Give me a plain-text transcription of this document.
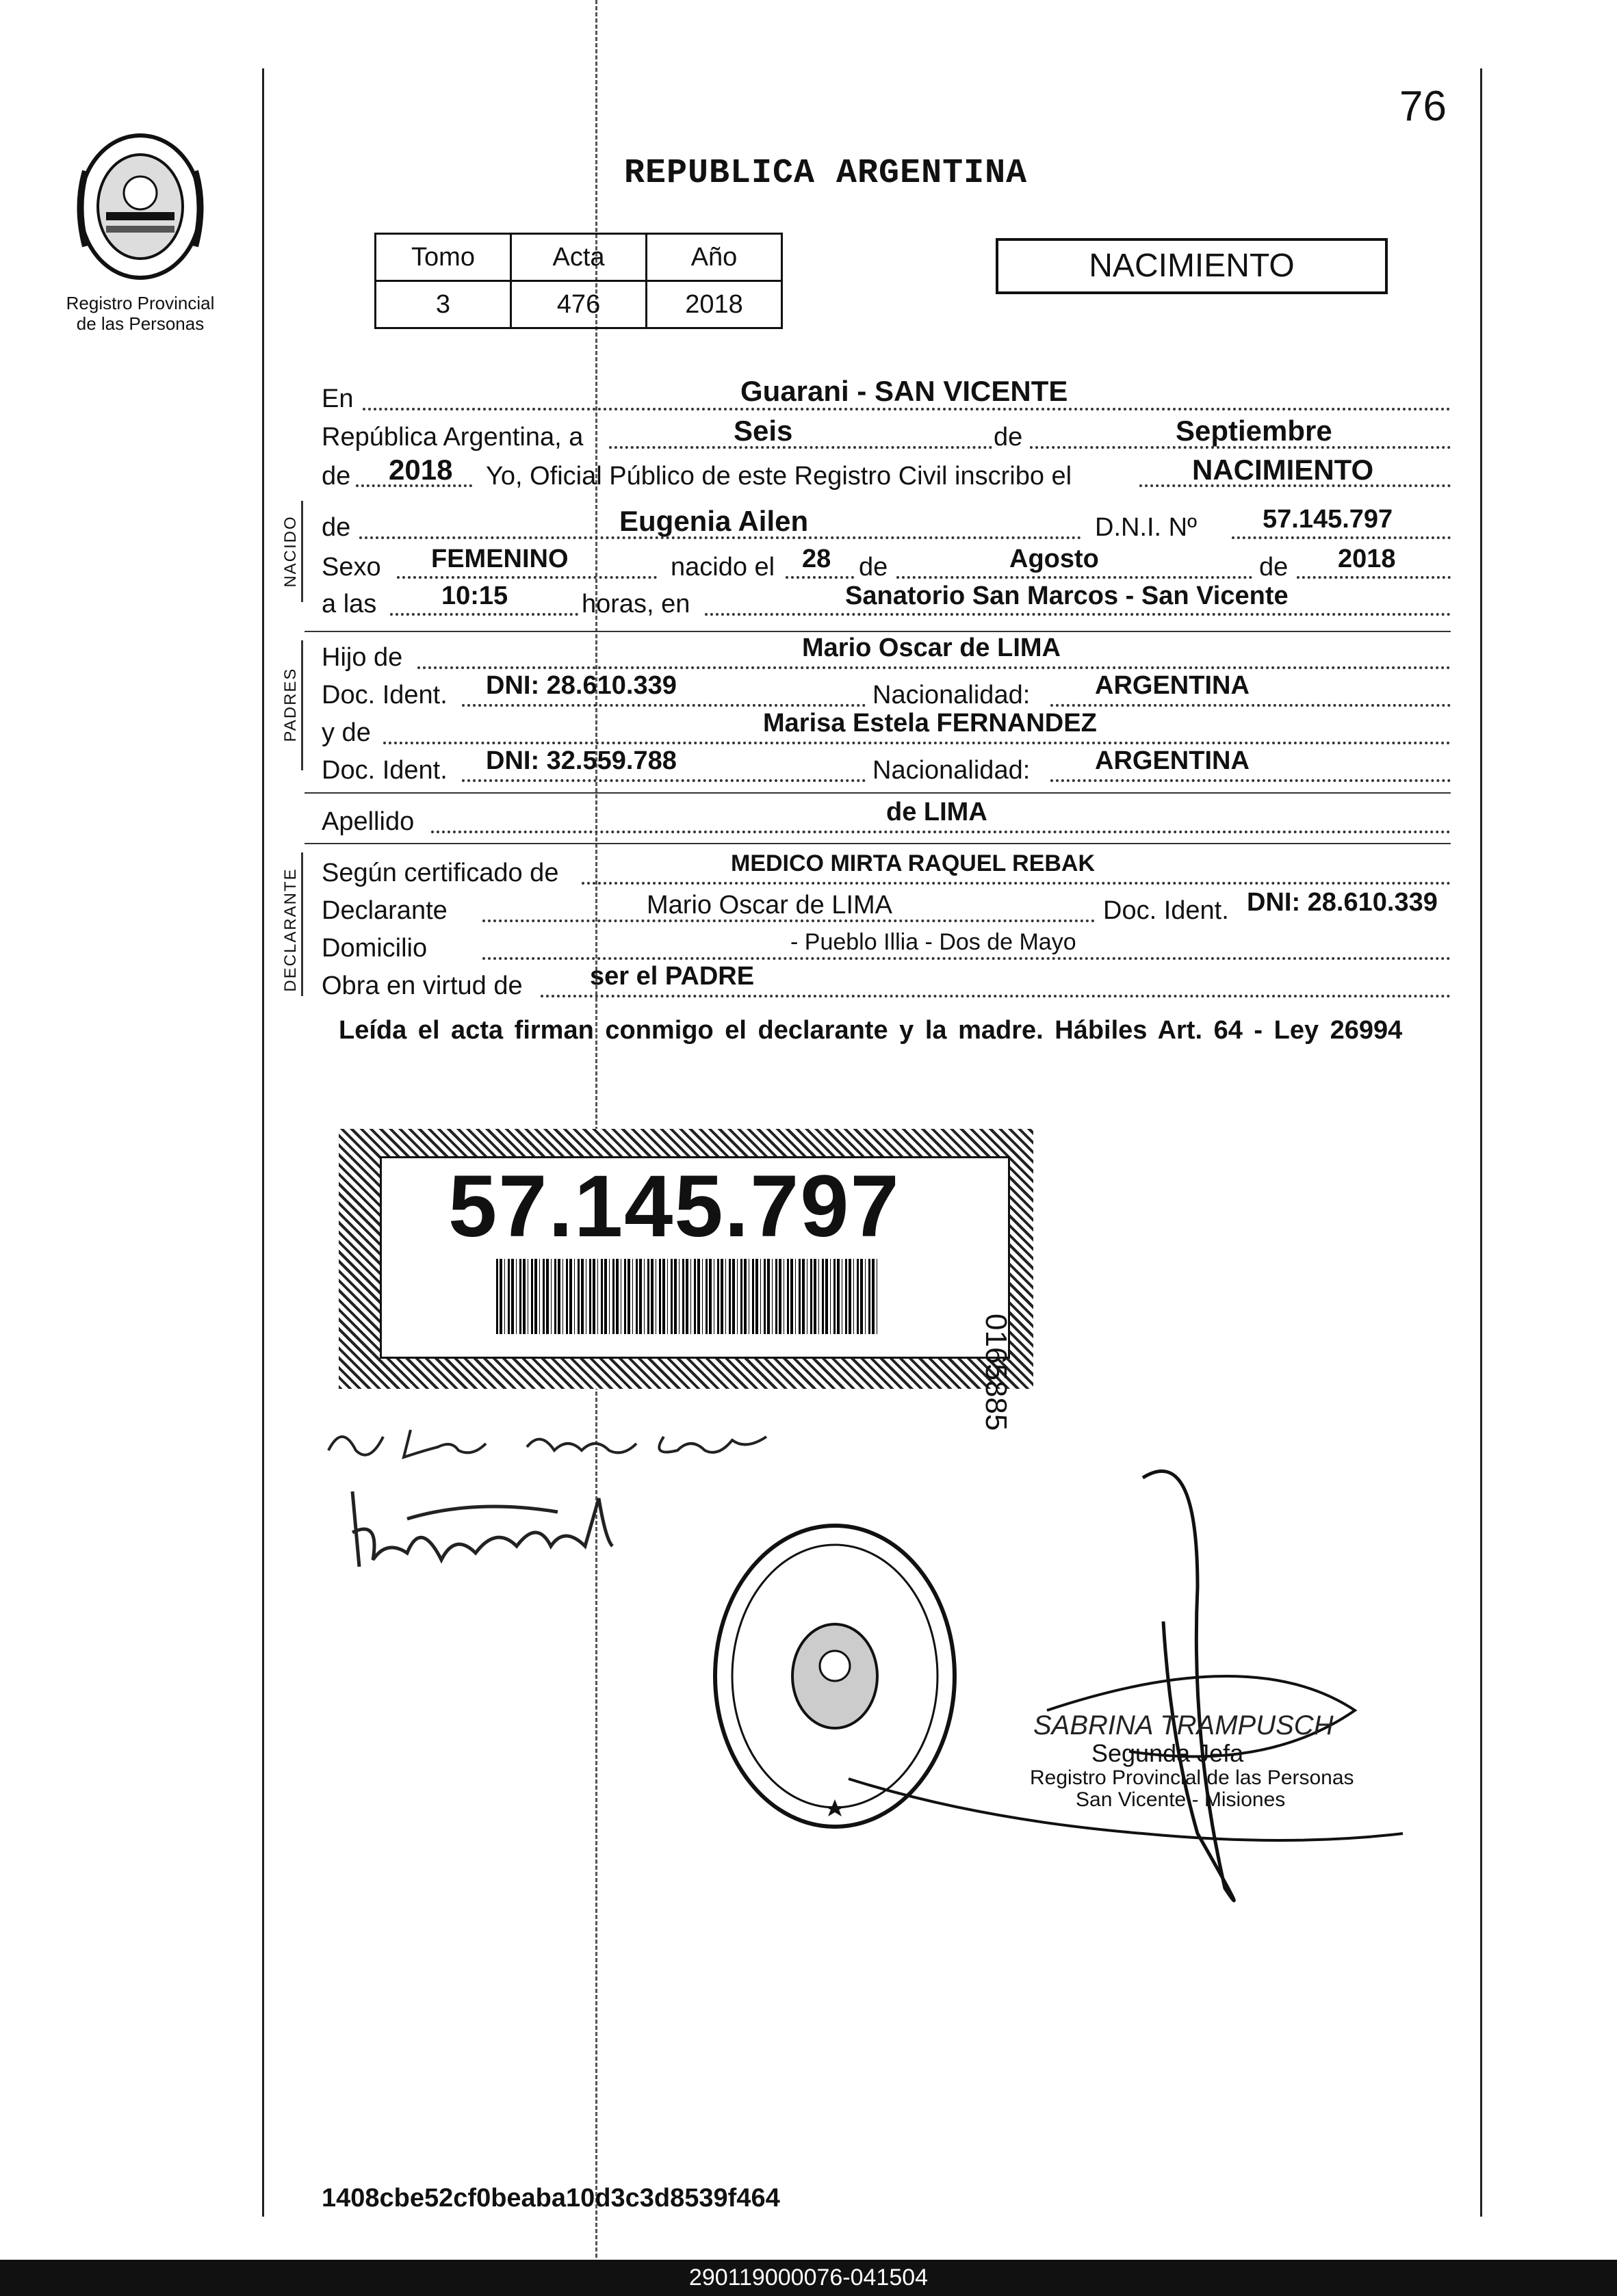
Registro Provincial
de las Personas
76
REPUBLICA ARGENTINA
Tomo	Acta	Año
3	476	2018
NACIMIENTO
En	Guarani - SAN VICENTE
República Argentina, a	Seis	de	Septiembre
de 2018 Yo, Oficial Público de este Registro Civil inscribo el	NACIMIENTO
NACIDO de	Eugenia Ailen	D.N.I. Nº	57.145.797
Sexo FEMENINO	nacido el 28 de	Agosto	de 2018
a las 10:15	horas, en	Sanatorio San Marcos - San Vicente
PADRES
Hijo de	Mario Oscar de LIMA
Doc. Ident. DNI: 28.610.339	Nacionalidad: ARGENTINA
y de	Marisa Estela FERNANDEZ
Doc. Ident. DNI: 32.559.788	Nacionalidad: ARGENTINA
Apellido	de LIMA
DECLARANTE Según certificado de	MEDICO MIRTA RAQUEL REBAK
Declarante	Mario Oscar de LIMA	Doc. Ident. DNI: 28.610.339
Domicilio	- Pueblo Illia - Dos de Mayo
Obra en virtud de	ser el PADRE
Leída el acta firman conmigo el declarante y la madre. Hábiles Art. 64 - Ley 26994
57.145.797
0165885
SABRINA TRAMPUSCH
Segunda Jefa
Registro Provincial de las Personas
San Vicente - Misiones
1408cbe52cf0beaba10d3c3d8539f464
290119000076-041504
